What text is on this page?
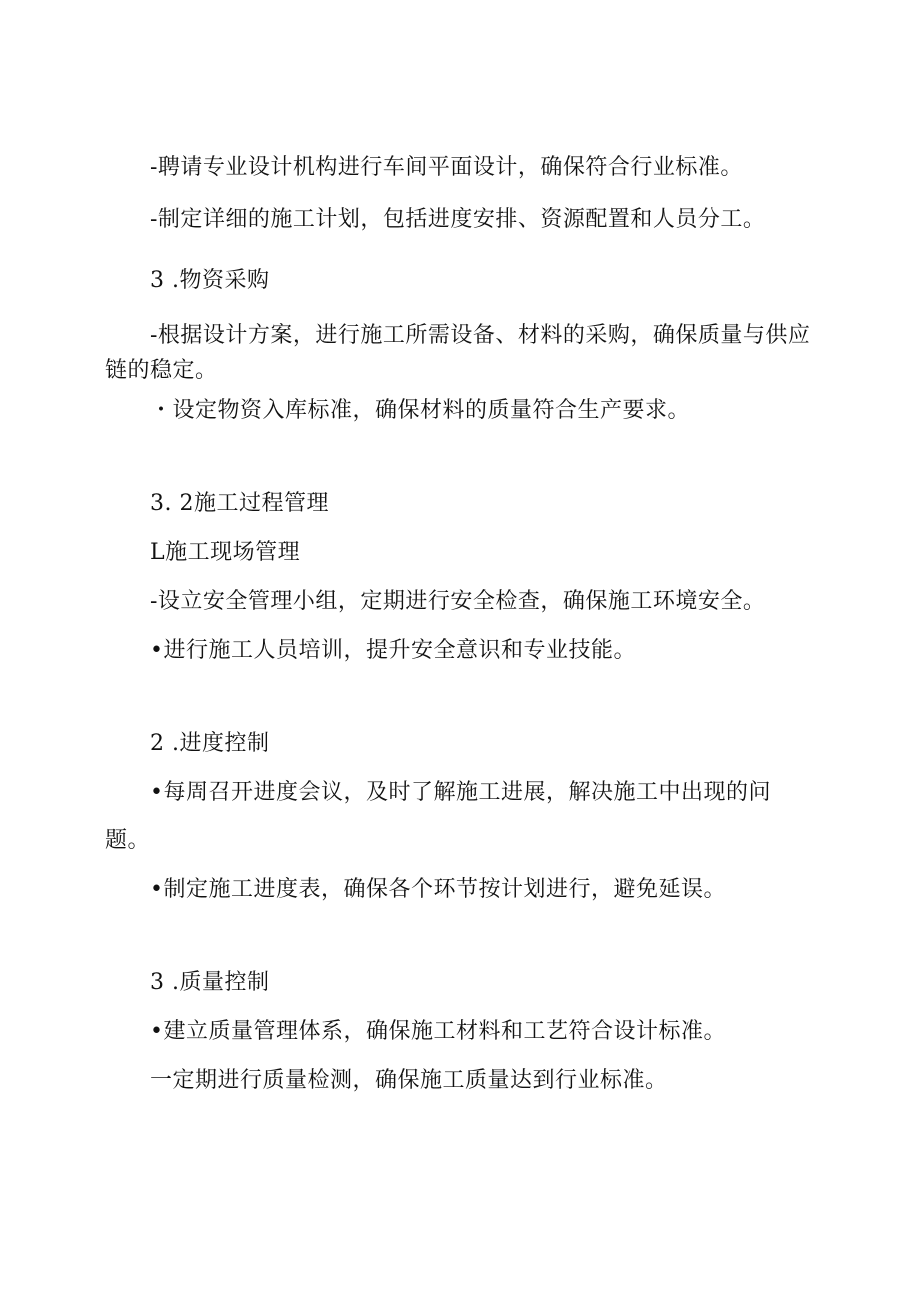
-聘请专业设计机构进行车间平面设计，确保符合行业标准。
-制定详细的施工计划，包括进度安排、资源配置和人员分工。
3 .物资采购
-根据设计方案，进行施工所需设备、材料的采购，确保质量与供应链的稳定。
・设定物资入库标准，确保材料的质量符合生产要求。
3. 2施工过程管理
L施工现场管理
-设立安全管理小组，定期进行安全检查，确保施工环境安全。
•进行施工人员培训，提升安全意识和专业技能。
2 .进度控制
•每周召开进度会议，及时了解施工进展，解决施工中出现的问
题。
•制定施工进度表，确保各个环节按计划进行，避免延误。
3 .质量控制
•建立质量管理体系，确保施工材料和工艺符合设计标准。
一定期进行质量检测，确保施工质量达到行业标准。
